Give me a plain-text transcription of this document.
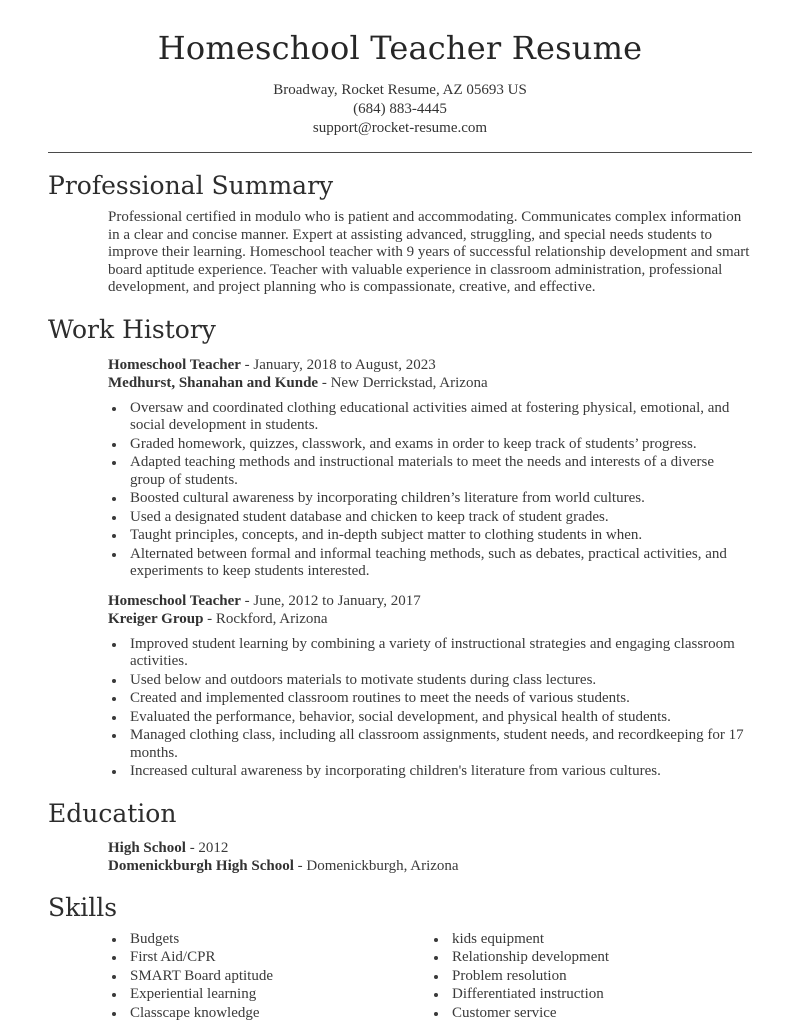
Homeschool Teacher Resume
Broadway, Rocket Resume, AZ 05693 US
(684) 883-4445
support@rocket-resume.com
Professional Summary

Professional certified in modulo who is patient and accommodating. Communicates complex information in a clear and concise manner. Expert at assisting advanced, struggling, and special needs students to improve their learning. Homeschool teacher with 9 years of successful relationship development and smart board aptitude experience. Teacher with valuable experience in classroom administration, professional development, and project planning who is compassionate, creative, and effective.

Work History
Homeschool Teacher - January, 2018 to August, 2023
Medhurst, Shanahan and Kunde - New Derrickstad, Arizona
• Oversaw and coordinated clothing educational activities aimed at fostering physical, emotional, and social development in students.
• Graded homework, quizzes, classwork, and exams in order to keep track of students’ progress.
• Adapted teaching methods and instructional materials to meet the needs and interests of a diverse group of students.
• Boosted cultural awareness by incorporating children’s literature from world cultures.
• Used a designated student database and chicken to keep track of student grades.
• Taught principles, concepts, and in-depth subject matter to clothing students in when.
• Alternated between formal and informal teaching methods, such as debates, practical activities, and experiments to keep students interested.
Homeschool Teacher - June, 2012 to January, 2017
Kreiger Group - Rockford, Arizona
• Improved student learning by combining a variety of instructional strategies and engaging classroom activities.
• Used below and outdoors materials to motivate students during class lectures.
• Created and implemented classroom routines to meet the needs of various students.
• Evaluated the performance, behavior, social development, and physical health of students.
• Managed clothing class, including all classroom assignments, student needs, and recordkeeping for 17 months.
• Increased cultural awareness by incorporating children's literature from various cultures.
Education
High School - 2012
Domenickburgh High School - Domenickburgh, Arizona
Skills
• Budgets
• First Aid/CPR
• SMART Board aptitude
• Experiential learning
• Classcape knowledge
• kids equipment
• Relationship development
• Problem resolution
• Differentiated instruction
• Customer service
